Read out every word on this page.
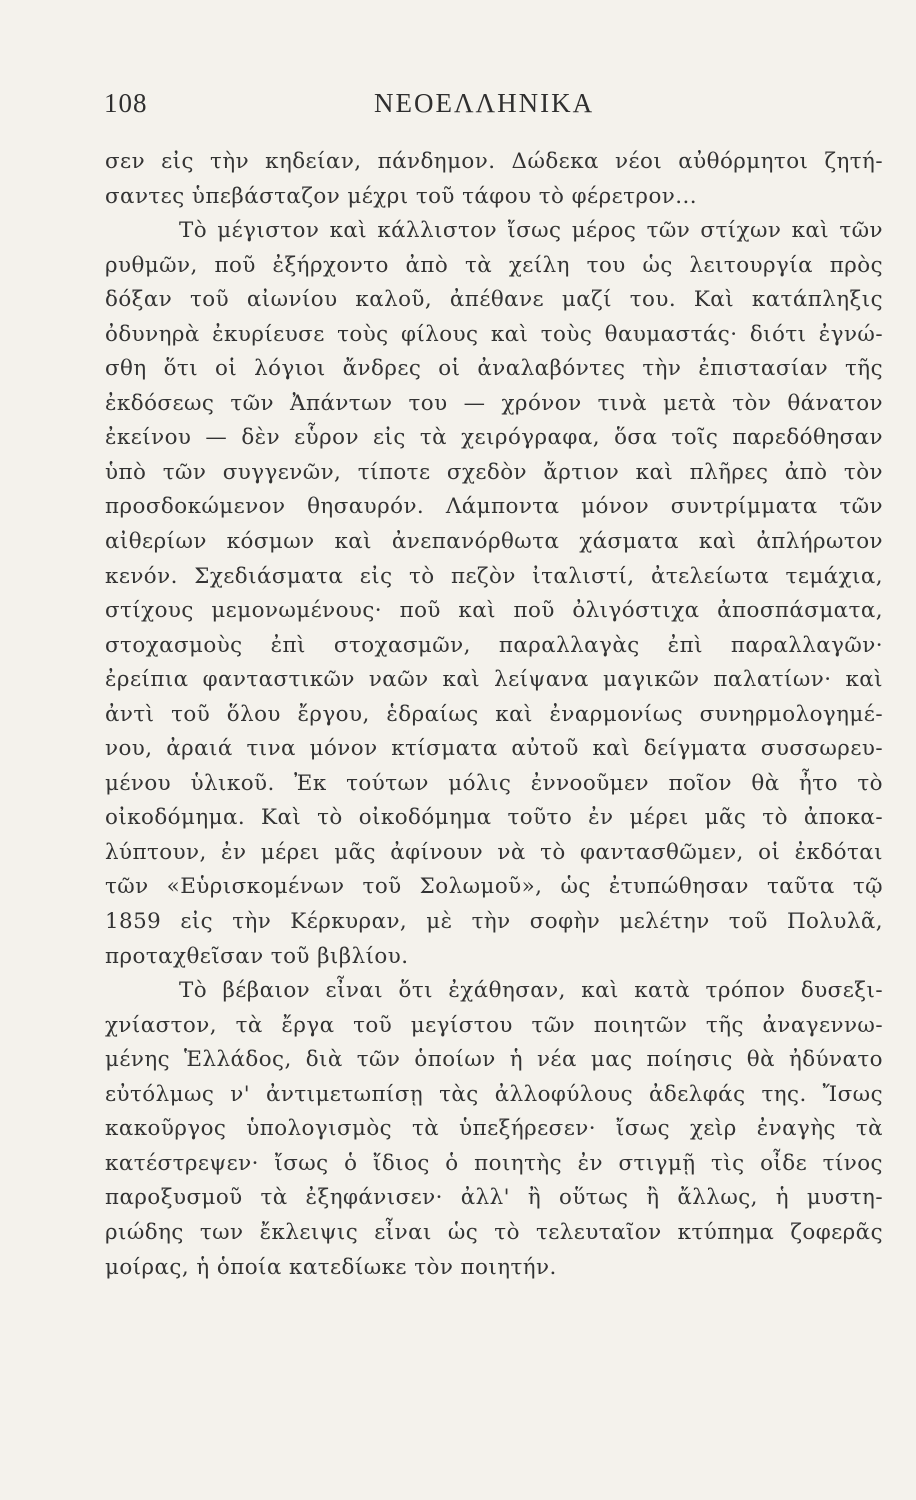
108	ΝΕΟΕΛΛΗΝΙΚΑ
σεν εἰς τὴν κηδείαν, πάνδημον. Δώδεκα νέοι αὐθόρμητοι ζητή-
σαντες ὑπεβάσταζον μέχρι τοῦ τάφου τὸ φέρετρον...
Τὸ μέγιστον καὶ κάλλιστον ἴσως μέρος τῶν στίχων καὶ τῶν
ρυθμῶν, ποῦ ἐξήρχοντο ἀπὸ τὰ χείλη του ὡς λειτουργία πρὸς
δόξαν τοῦ αἰωνίου καλοῦ, ἀπέθανε μαζί του. Καὶ κατάπληξις
ὀδυνηρὰ ἐκυρίευσε τοὺς φίλους καὶ τοὺς θαυμαστάς· διότι ἐγνώ-
σθη ὅτι οἱ λόγιοι ἄνδρες οἱ ἀναλαβόντες τὴν ἐπιστασίαν τῆς
ἐκδόσεως τῶν Ἀπάντων του — χρόνον τινὰ μετὰ τὸν θάνατον
ἐκείνου — δὲν εὗρον εἰς τὰ χειρόγραφα, ὅσα τοῖς παρεδόθησαν
ὑπὸ τῶν συγγενῶν, τίποτε σχεδὸν ἄρτιον καὶ πλῆρες ἀπὸ τὸν
προσδοκώμενον θησαυρόν. Λάμποντα μόνον συντρίμματα τῶν
αἰθερίων κόσμων καὶ ἀνεπανόρθωτα χάσματα καὶ ἀπλήρωτον
κενόν. Σχεδιάσματα εἰς τὸ πεζὸν ἰταλιστί, ἀτελείωτα τεμάχια,
στίχους μεμονωμένους· ποῦ καὶ ποῦ ὀλιγόστιχα ἀποσπάσματα,
στοχασμοὺς ἐπὶ στοχασμῶν, παραλλαγὰς ἐπὶ παραλλαγῶν·
ἐρείπια φανταστικῶν ναῶν καὶ λείψανα μαγικῶν παλατίων· καὶ
ἀντὶ τοῦ ὅλου ἔργου, ἑδραίως καὶ ἐναρμονίως συνηρμολογημέ-
νου, ἀραιά τινα μόνον κτίσματα αὐτοῦ καὶ δείγματα συσσωρευ-
μένου ὑλικοῦ. Ἐκ τούτων μόλις ἐννοοῦμεν ποῖον θὰ ἦτο τὸ
οἰκοδόμημα. Καὶ τὸ οἰκοδόμημα τοῦτο ἐν μέρει μᾶς τὸ ἀποκα-
λύπτουν, ἐν μέρει μᾶς ἀφίνουν νὰ τὸ φαντασθῶμεν, οἱ ἐκδόται
τῶν «Εὑρισκομένων τοῦ Σολωμοῦ», ὡς ἐτυπώθησαν ταῦτα τῷ
1859 εἰς τὴν Κέρκυραν, μὲ τὴν σοφὴν μελέτην τοῦ Πολυλᾶ,
προταχθεῖσαν τοῦ βιβλίου.
Τὸ βέβαιον εἶναι ὅτι ἐχάθησαν, καὶ κατὰ τρόπον δυσεξι-
χνίαστον, τὰ ἔργα τοῦ μεγίστου τῶν ποιητῶν τῆς ἀναγεννω-
μένης Ἑλλάδος, διὰ τῶν ὁποίων ἡ νέα μας ποίησις θὰ ἠδύνατο
εὐτόλμως ν' ἀντιμετωπίσῃ τὰς ἀλλοφύλους ἀδελφάς της. Ἴσως
κακοῦργος ὑπολογισμὸς τὰ ὑπεξήρεσεν· ἴσως χεὶρ ἐναγὴς τὰ
κατέστρεψεν· ἴσως ὁ ἴδιος ὁ ποιητὴς ἐν στιγμῇ τὶς οἶδε τίνος
παροξυσμοῦ τὰ ἐξηφάνισεν· ἀλλ' ἢ οὕτως ἢ ἄλλως, ἡ μυστη-
ριώδης των ἔκλειψις εἶναι ὡς τὸ τελευταῖον κτύπημα ζοφερᾶς
μοίρας, ἡ ὁποία κατεδίωκε τὸν ποιητήν.
